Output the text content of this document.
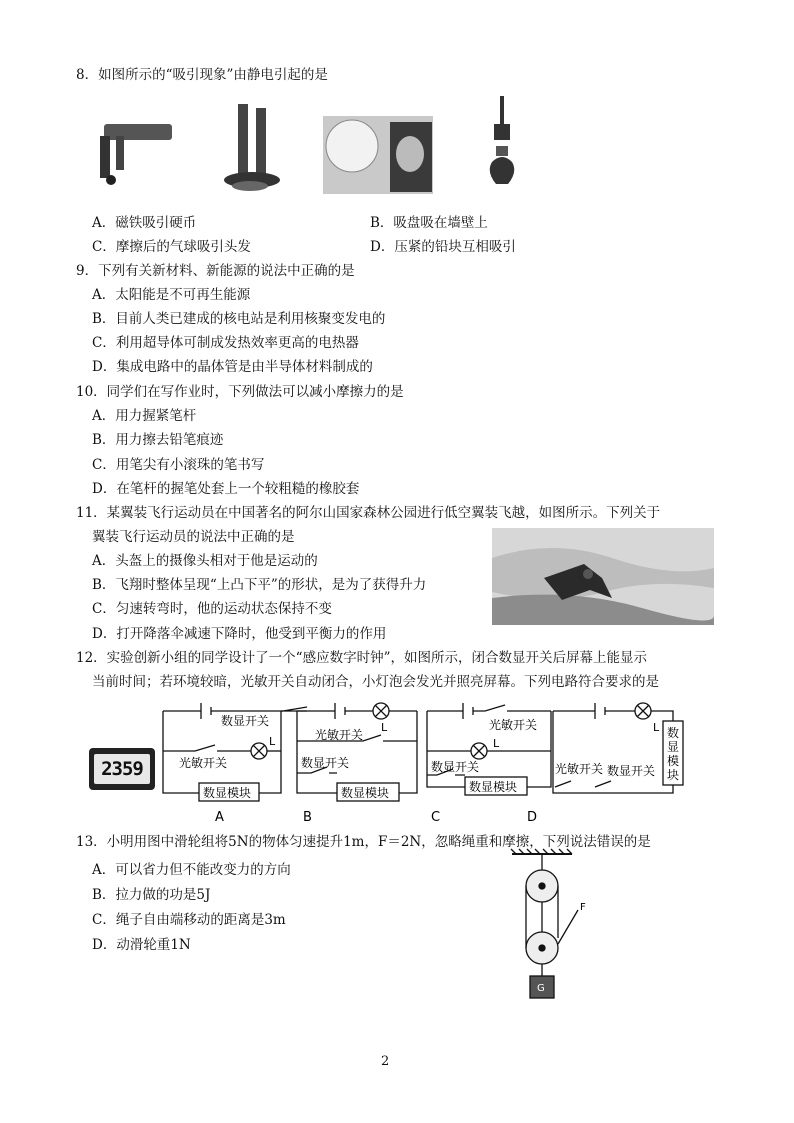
8．如图所示的“吸引现象”由静电引起的是
A．磁铁吸引硬币	B．吸盘吸在墙壁上
C．摩擦后的气球吸引头发	D．压紧的铅块互相吸引
9．下列有关新材料、新能源的说法中正确的是
A．太阳能是不可再生能源
B．目前人类已建成的核电站是利用核聚变发电的
C．利用超导体可制成发热效率更高的电热器
D．集成电路中的晶体管是由半导体材料制成的
10．同学们在写作业时，下列做法可以减小摩擦力的是
A．用力握紧笔杆
B．用力擦去铅笔痕迹
C．用笔尖有小滚珠的笔书写
D．在笔杆的握笔处套上一个较粗糙的橡胶套
11．某翼装飞行运动员在中国著名的阿尔山国家森林公园进行低空翼装飞越，如图所示。下列关于
翼装飞行运动员的说法中正确的是
A．头盔上的摄像头相对于他是运动的
B．飞翔时整体呈现“上凸下平”的形状，是为了获得升力
C．匀速转弯时，他的运动状态保持不变
D．打开降落伞减速下降时，他受到平衡力的作用
12．实验创新小组的同学设计了一个“感应数字时钟”，如图所示，闭合数显开关后屏幕上能显示
当前时间；若环境较暗，光敏开关自动闭合，小灯泡会发光并照亮屏幕。下列电路符合要求的是
2359
数显开关
光敏开关
数显模块
L	光敏开关
数显开关
数显模块
L	光敏开关
数显开关
数显模块
L
光敏开关 数显开关
L 数
显
模
块
A	B	C	D
13．小明用图中滑轮组将5N的物体匀速提升1m，F＝2N，忽略绳重和摩擦，下列说法错误的是
A．可以省力但不能改变力的方向
B．拉力做的功是5J
C．绳子自由端移动的距离是3m
D．动滑轮重1N
F
G
2
